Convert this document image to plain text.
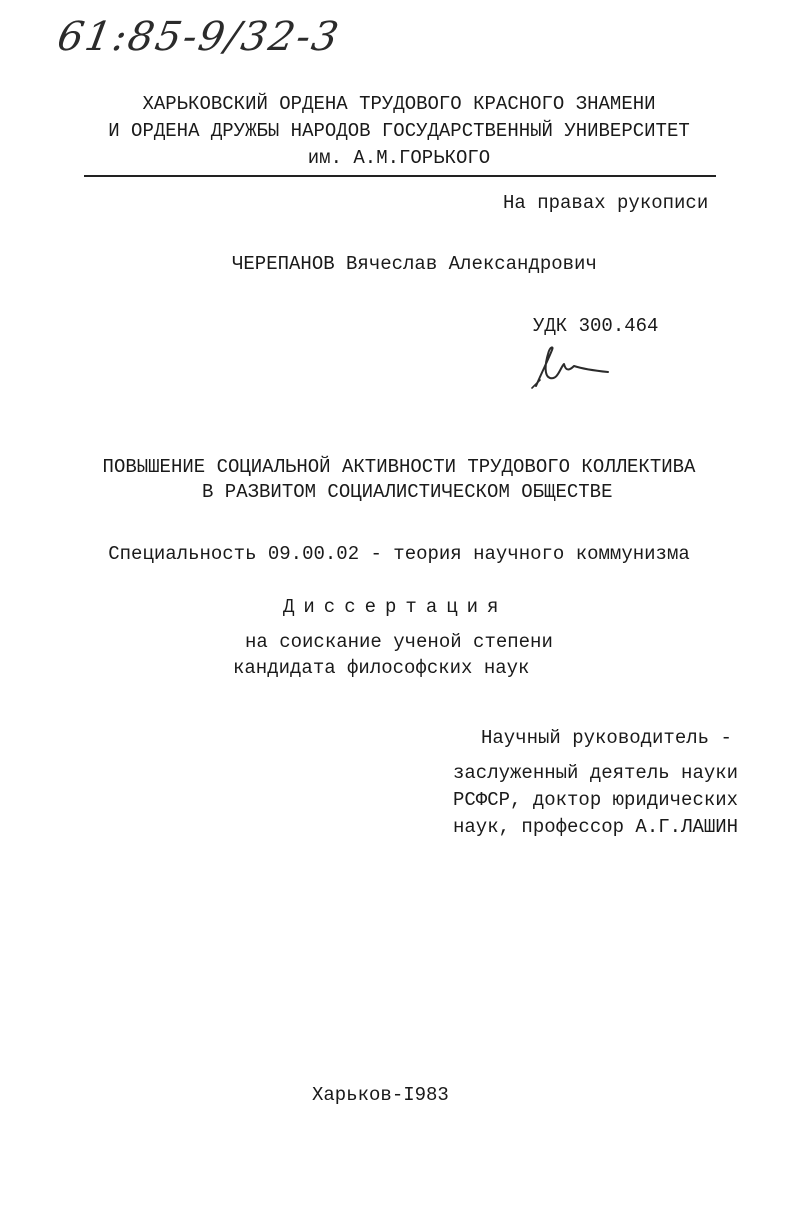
61:85-9/32-3
ХАРЬКОВСКИЙ ОРДЕНА ТРУДОВОГО КРАСНОГО ЗНАМЕНИ
И ОРДЕНА ДРУЖБЫ НАРОДОВ ГОСУДАРСТВЕННЫЙ УНИВЕРСИТЕТ
им. А.М.ГОРЬКОГО
На правах рукописи
ЧЕРЕПАНОВ Вячеслав Александрович
УДК 300.464
ПОВЫШЕНИЕ СОЦИАЛЬНОЙ АКТИВНОСТИ ТРУДОВОГО КОЛЛЕКТИВА
В РАЗВИТОМ СОЦИАЛИСТИЧЕСКОМ ОБЩЕСТВЕ
Специальность 09.00.02 - теория научного коммунизма
Диссертация
на соискание ученой степени
кандидата философских наук
Научный руководитель -
заслуженный деятель науки
РСФСР, доктор юридических
наук, профессор А.Г.ЛАШИН
Харьков-I983
